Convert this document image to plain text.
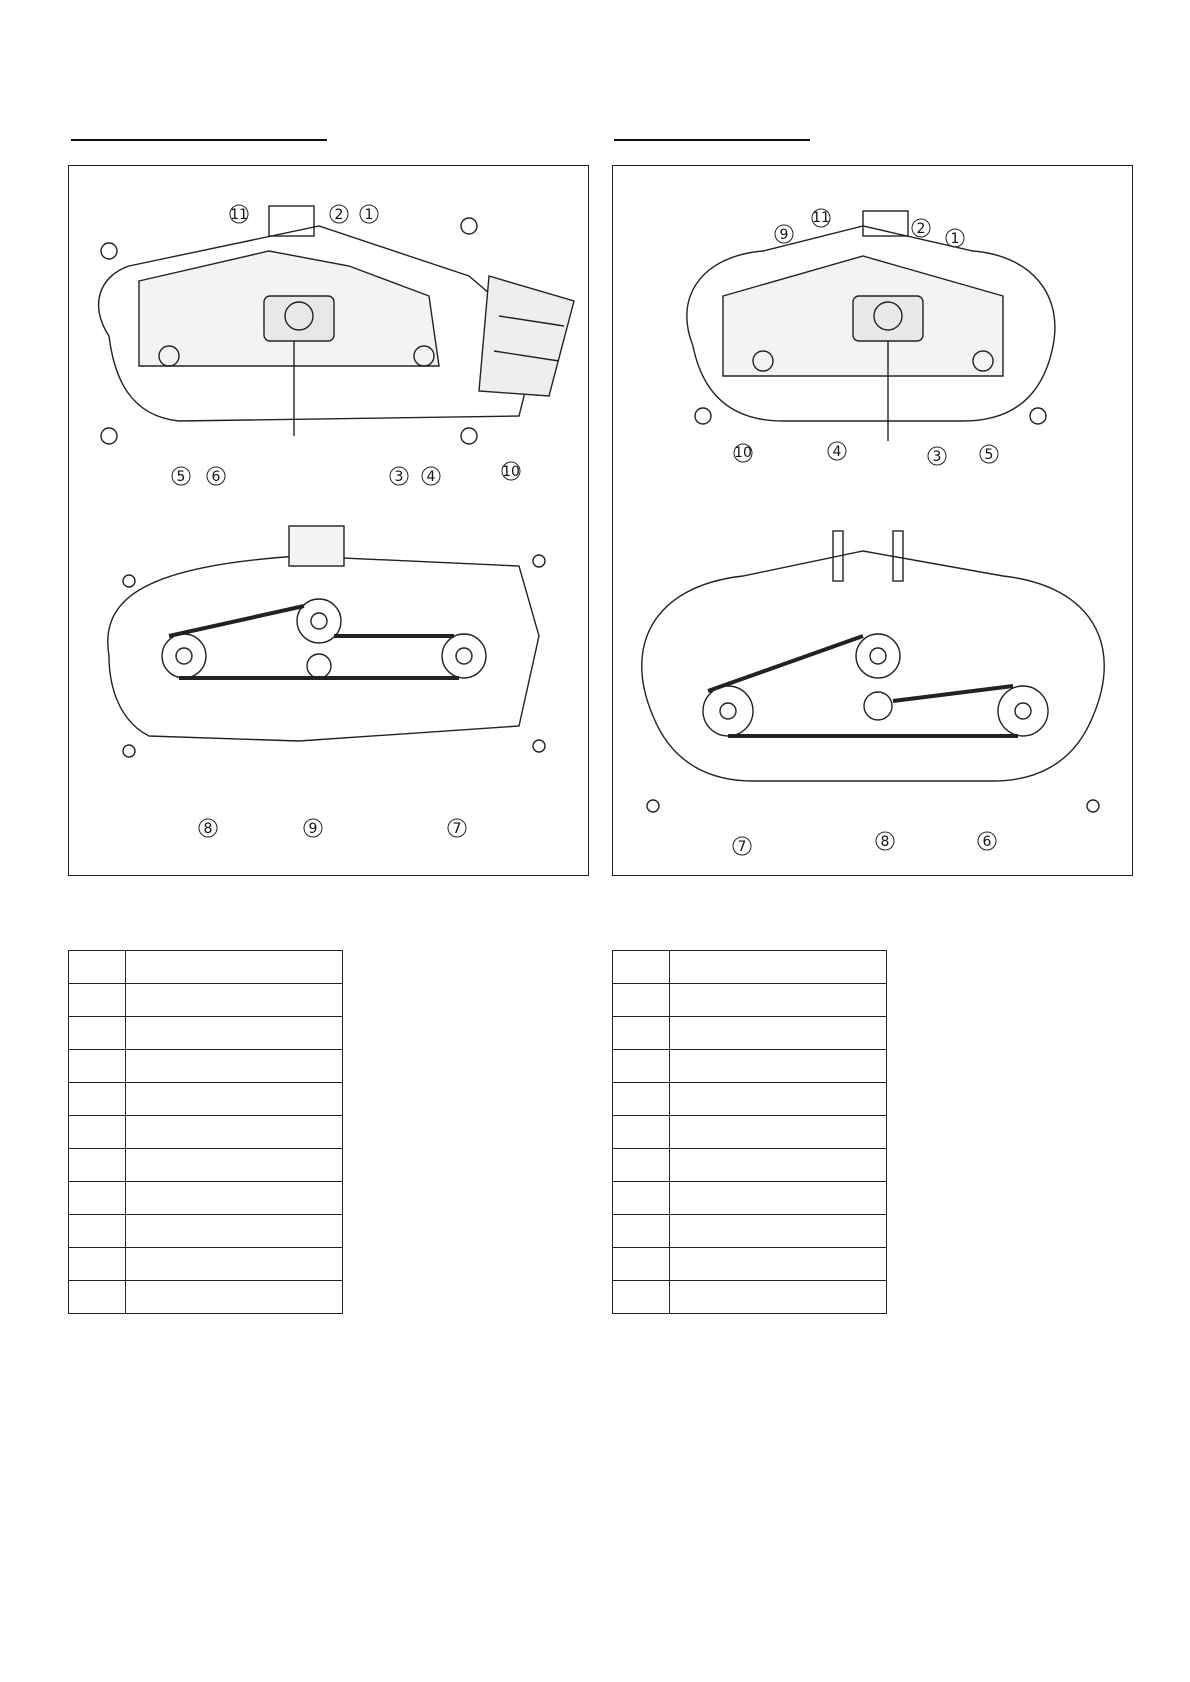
11	2 1
5 6	3 4	10
8	9	7
9
11
2
1
10	4	3	5
7	8	6
